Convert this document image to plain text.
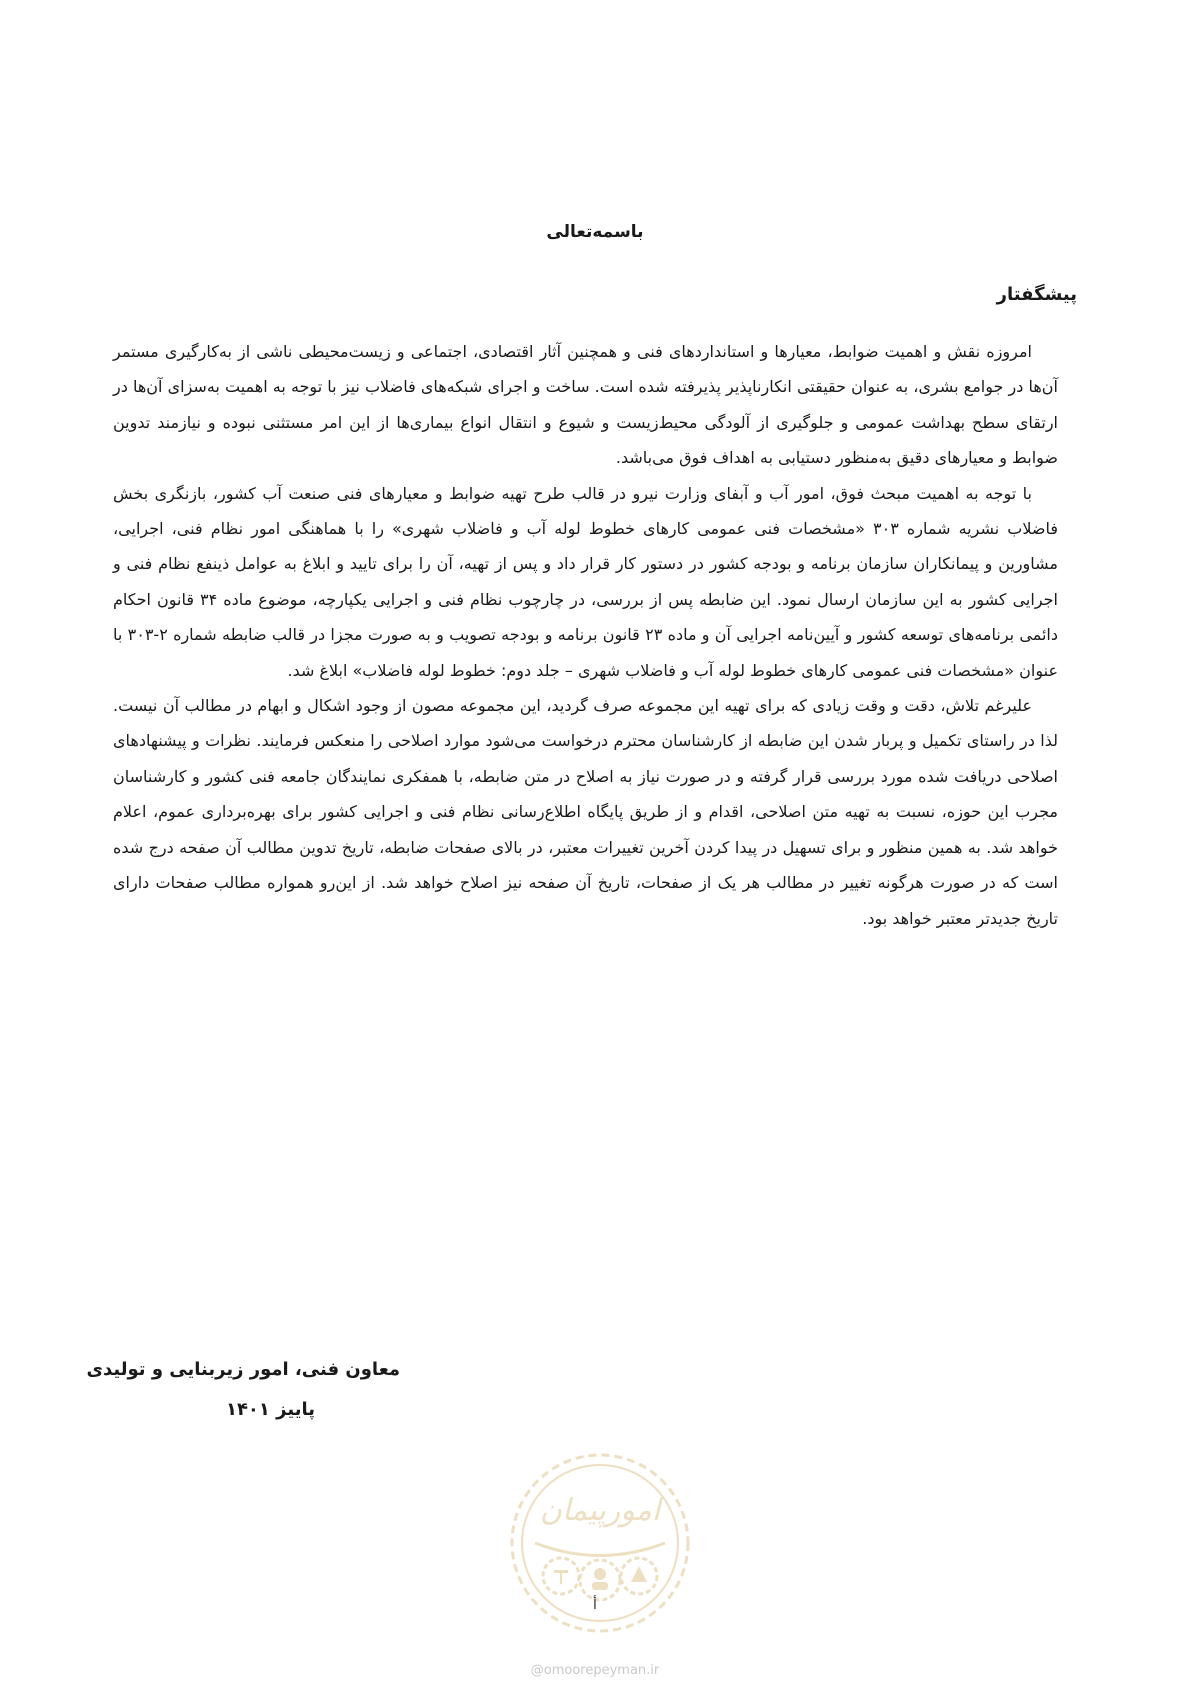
باسمه‌تعالی
پیشگفتار

امروزه نقش و اهمیت ضوابط، معیارها و استانداردهای فنی و همچنین آثار اقتصادی، اجتماعی و زیست‌محیطی ناشی از به‌کارگیری مستمر آن‌ها در جوامع بشری، به عنوان حقیقتی انکارناپذیر پذیرفته شده است. ساخت و اجرای شبکه‌های فاضلاب نیز با توجه به اهمیت به‌سزای آن‌ها در ارتقای سطح بهداشت عمومی و جلوگیری از آلودگی محیط‌زیست و شیوع و انتقال انواع بیماری‌ها از این امر مستثنی نبوده و نیازمند تدوین ضوابط و معیارهای دقیق به‌منظور دستیابی به اهداف فوق می‌باشد.

با توجه به اهمیت مبحث فوق، امور آب و آبفای وزارت نیرو در قالب طرح تهیه ضوابط و معیارهای فنی صنعت آب کشور، بازنگری بخش فاضلاب نشریه شماره ۳۰۳ «مشخصات فنی عمومی کارهای خطوط لوله آب و فاضلاب شهری» را با هماهنگی امور نظام فنی، اجرایی، مشاورین و پیمانکاران سازمان برنامه و بودجه کشور در دستور کار قرار داد و پس از تهیه، آن را برای تایید و ابلاغ به عوامل ذینفع نظام فنی و اجرایی کشور به این سازمان ارسال نمود. این ضابطه پس از بررسی، در چارچوب نظام فنی و اجرایی یکپارچه، موضوع ماده ۳۴ قانون احکام دائمی برنامه‌های توسعه کشور و آیین‌نامه اجرایی آن و ماده ۲۳ قانون برنامه و بودجه تصویب و به صورت مجزا در قالب ضابطه شماره ۲-۳۰۳ با عنوان «مشخصات فنی عمومی کارهای خطوط لوله آب و فاضلاب شهری – جلد دوم: خطوط لوله فاضلاب» ابلاغ شد.

علیرغم تلاش، دقت و وقت زیادی که برای تهیه این مجموعه صرف گردید، این مجموعه مصون از وجود اشکال و ابهام در مطالب آن نیست. لذا در راستای تکمیل و پربار شدن این ضابطه از کارشناسان محترم درخواست می‌شود موارد اصلاحی را منعکس فرمایند. نظرات و پیشنهادهای اصلاحی دریافت شده مورد بررسی قرار گرفته و در صورت نیاز به اصلاح در متن ضابطه، با همفکری نمایندگان جامعه فنی کشور و کارشناسان مجرب این حوزه، نسبت به تهیه متن اصلاحی، اقدام و از طریق پایگاه اطلاع‌رسانی نظام فنی و اجرایی کشور برای بهره‌برداری عموم، اعلام خواهد شد. به همین منظور و برای تسهیل در پیدا کردن آخرین تغییرات معتبر، در بالای صفحات ضابطه، تاریخ تدوین مطالب آن صفحه درج شده است که در صورت هرگونه تغییر در مطالب هر یک از صفحات، تاریخ آن صفحه نیز اصلاح خواهد شد. از این‌رو همواره مطالب صفحات دارای تاریخ جدیدتر معتبر خواهد بود.

معاون فنی، امور زیربنایی و تولیدی
پاییز ۱۴۰۱
امورپیمان
أ
@omoorepeyman.ir
